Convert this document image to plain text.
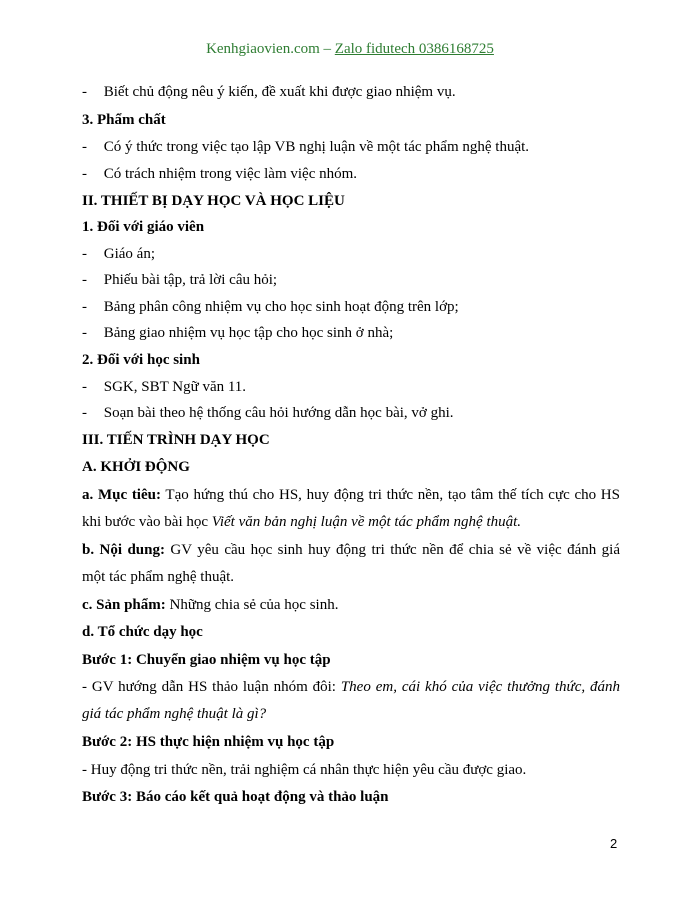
Kenhgiaovien.com – Zalo fidutech 0386168725
- Biết chủ động nêu ý kiến, đề xuất khi được giao nhiệm vụ.
3. Phẩm chất
- Có ý thức trong việc tạo lập VB nghị luận về một tác phẩm nghệ thuật.
- Có trách nhiệm trong việc làm việc nhóm.
II. THIẾT BỊ DẠY HỌC VÀ HỌC LIỆU
1. Đối với giáo viên
- Giáo án;
- Phiếu bài tập, trả lời câu hỏi;
- Bảng phân công nhiệm vụ cho học sinh hoạt động trên lớp;
- Bảng giao nhiệm vụ học tập cho học sinh ở nhà;
2. Đối với học sinh
- SGK, SBT Ngữ văn 11.
- Soạn bài theo hệ thống câu hỏi hướng dẫn học bài, vở ghi.
III. TIẾN TRÌNH DẠY HỌC
A. KHỞI ĐỘNG
a. Mục tiêu: Tạo hứng thú cho HS, huy động tri thức nền, tạo tâm thế tích cực cho HS
khi bước vào bài học Viết văn bản nghị luận về một tác phẩm nghệ thuật.
b. Nội dung: GV yêu cầu học sinh huy động tri thức nền để chia sẻ về việc đánh giá
một tác phẩm nghệ thuật.
c. Sản phẩm: Những chia sẻ của học sinh.
d. Tổ chức dạy học
Bước 1: Chuyển giao nhiệm vụ học tập
- GV hướng dẫn HS thảo luận nhóm đôi: Theo em, cái khó của việc thưởng thức, đánh
giá tác phẩm nghệ thuật là gì?
Bước 2: HS thực hiện nhiệm vụ học tập
- Huy động tri thức nền, trải nghiệm cá nhân thực hiện yêu cầu được giao.
Bước 3: Báo cáo kết quả hoạt động và thảo luận
2
